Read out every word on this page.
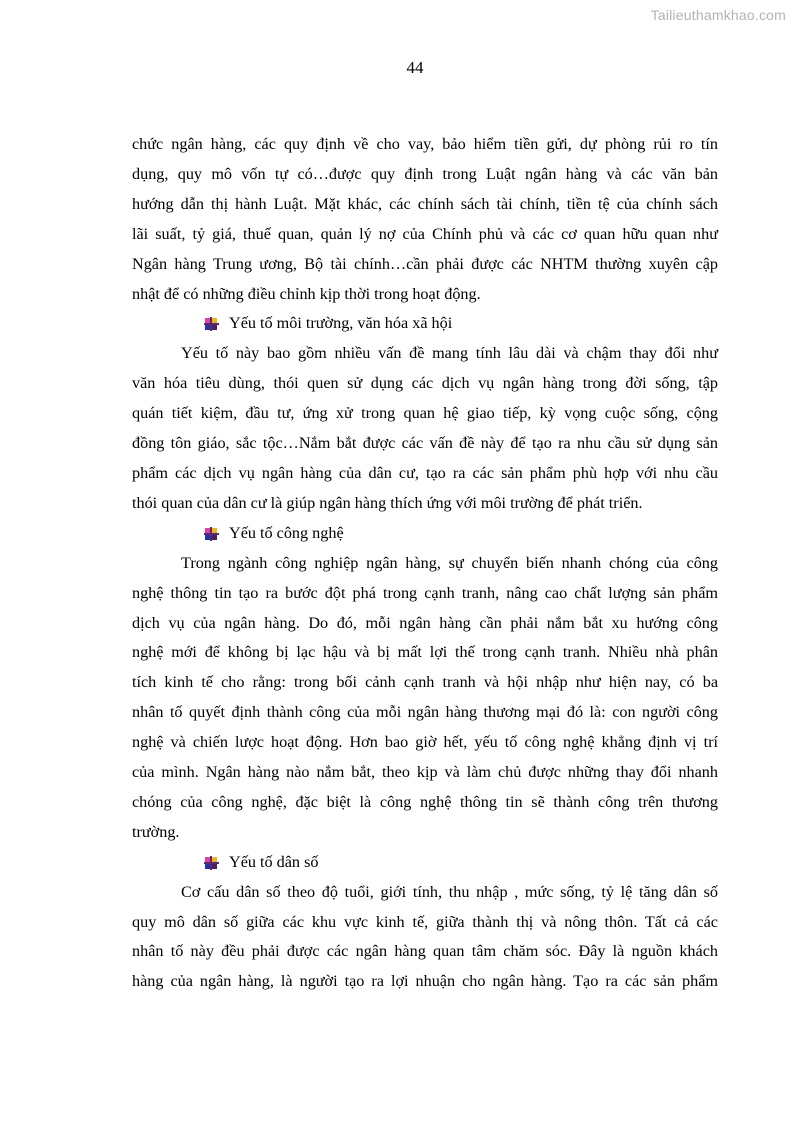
Tailieuthamkhao.com
44

chức ngân hàng, các quy định về cho vay, bảo hiểm tiền gửi, dự phòng rủi ro tín
dụng, quy mô vốn tự có…được quy định trong Luật ngân hàng và các văn bản
hướng dẫn thị hành Luật. Mặt khác, các chính sách tài chính, tiền tệ của chính sách
lãi suất, tỷ giá, thuế quan, quản lý nợ của Chính phủ và các cơ quan hữu quan như
Ngân hàng Trung ương, Bộ tài chính…cần phải được các NHTM thường xuyên cập
nhật để có những điều chỉnh kịp thời trong hoạt động.

Yếu tố môi trường, văn hóa xã hội

Yếu tố này bao gồm nhiều vấn đề mang tính lâu dài và chậm thay đổi như
văn hóa tiêu dùng, thói quen sử dụng các dịch vụ ngân hàng trong đời sống, tập
quán tiết kiệm, đầu tư, ứng xử trong quan hệ giao tiếp, kỳ vọng cuộc sống, cộng
đồng tôn giáo, sắc tộc…Nắm bắt được các vấn đề này để tạo ra nhu cầu sử dụng sản
phẩm các dịch vụ ngân hàng của dân cư, tạo ra các sản phẩm phù hợp với nhu cầu
thói quan của dân cư là giúp ngân hàng thích ứng với môi trường để phát triển.

Yếu tố công nghệ

Trong ngành công nghiệp ngân hàng, sự chuyển biến nhanh chóng của công
nghệ thông tin tạo ra bước đột phá trong cạnh tranh, nâng cao chất lượng sản phẩm
dịch vụ của ngân hàng. Do đó, mỗi ngân hàng cần phải nắm bắt xu hướng công
nghệ mới để không bị lạc hậu và bị mất lợi thế trong cạnh tranh. Nhiều nhà phân
tích kinh tế cho rằng: trong bối cảnh cạnh tranh và hội nhập như hiện nay, có ba
nhân tố quyết định thành công của mỗi ngân hàng thương mại đó là: con người công
nghệ và chiến lược hoạt động. Hơn bao giờ hết, yếu tố công nghệ khẳng định vị trí
của mình. Ngân hàng nào nắm bắt, theo kịp và làm chủ được những thay đổi nhanh
chóng của công nghệ, đặc biệt là công nghệ thông tin sẽ thành công trên thương
trường.

Yếu tố dân số

Cơ cấu dân số theo độ tuổi, giới tính, thu nhập , mức sống, tỷ lệ tăng dân số
quy mô dân số giữa các khu vực kinh tế, giữa thành thị và nông thôn. Tất cả các
nhân tố này đều phải được các ngân hàng quan tâm chăm sóc. Đây là nguồn khách
hàng của ngân hàng, là người tạo ra lợi nhuận cho ngân hàng. Tạo ra các sản phẩm
